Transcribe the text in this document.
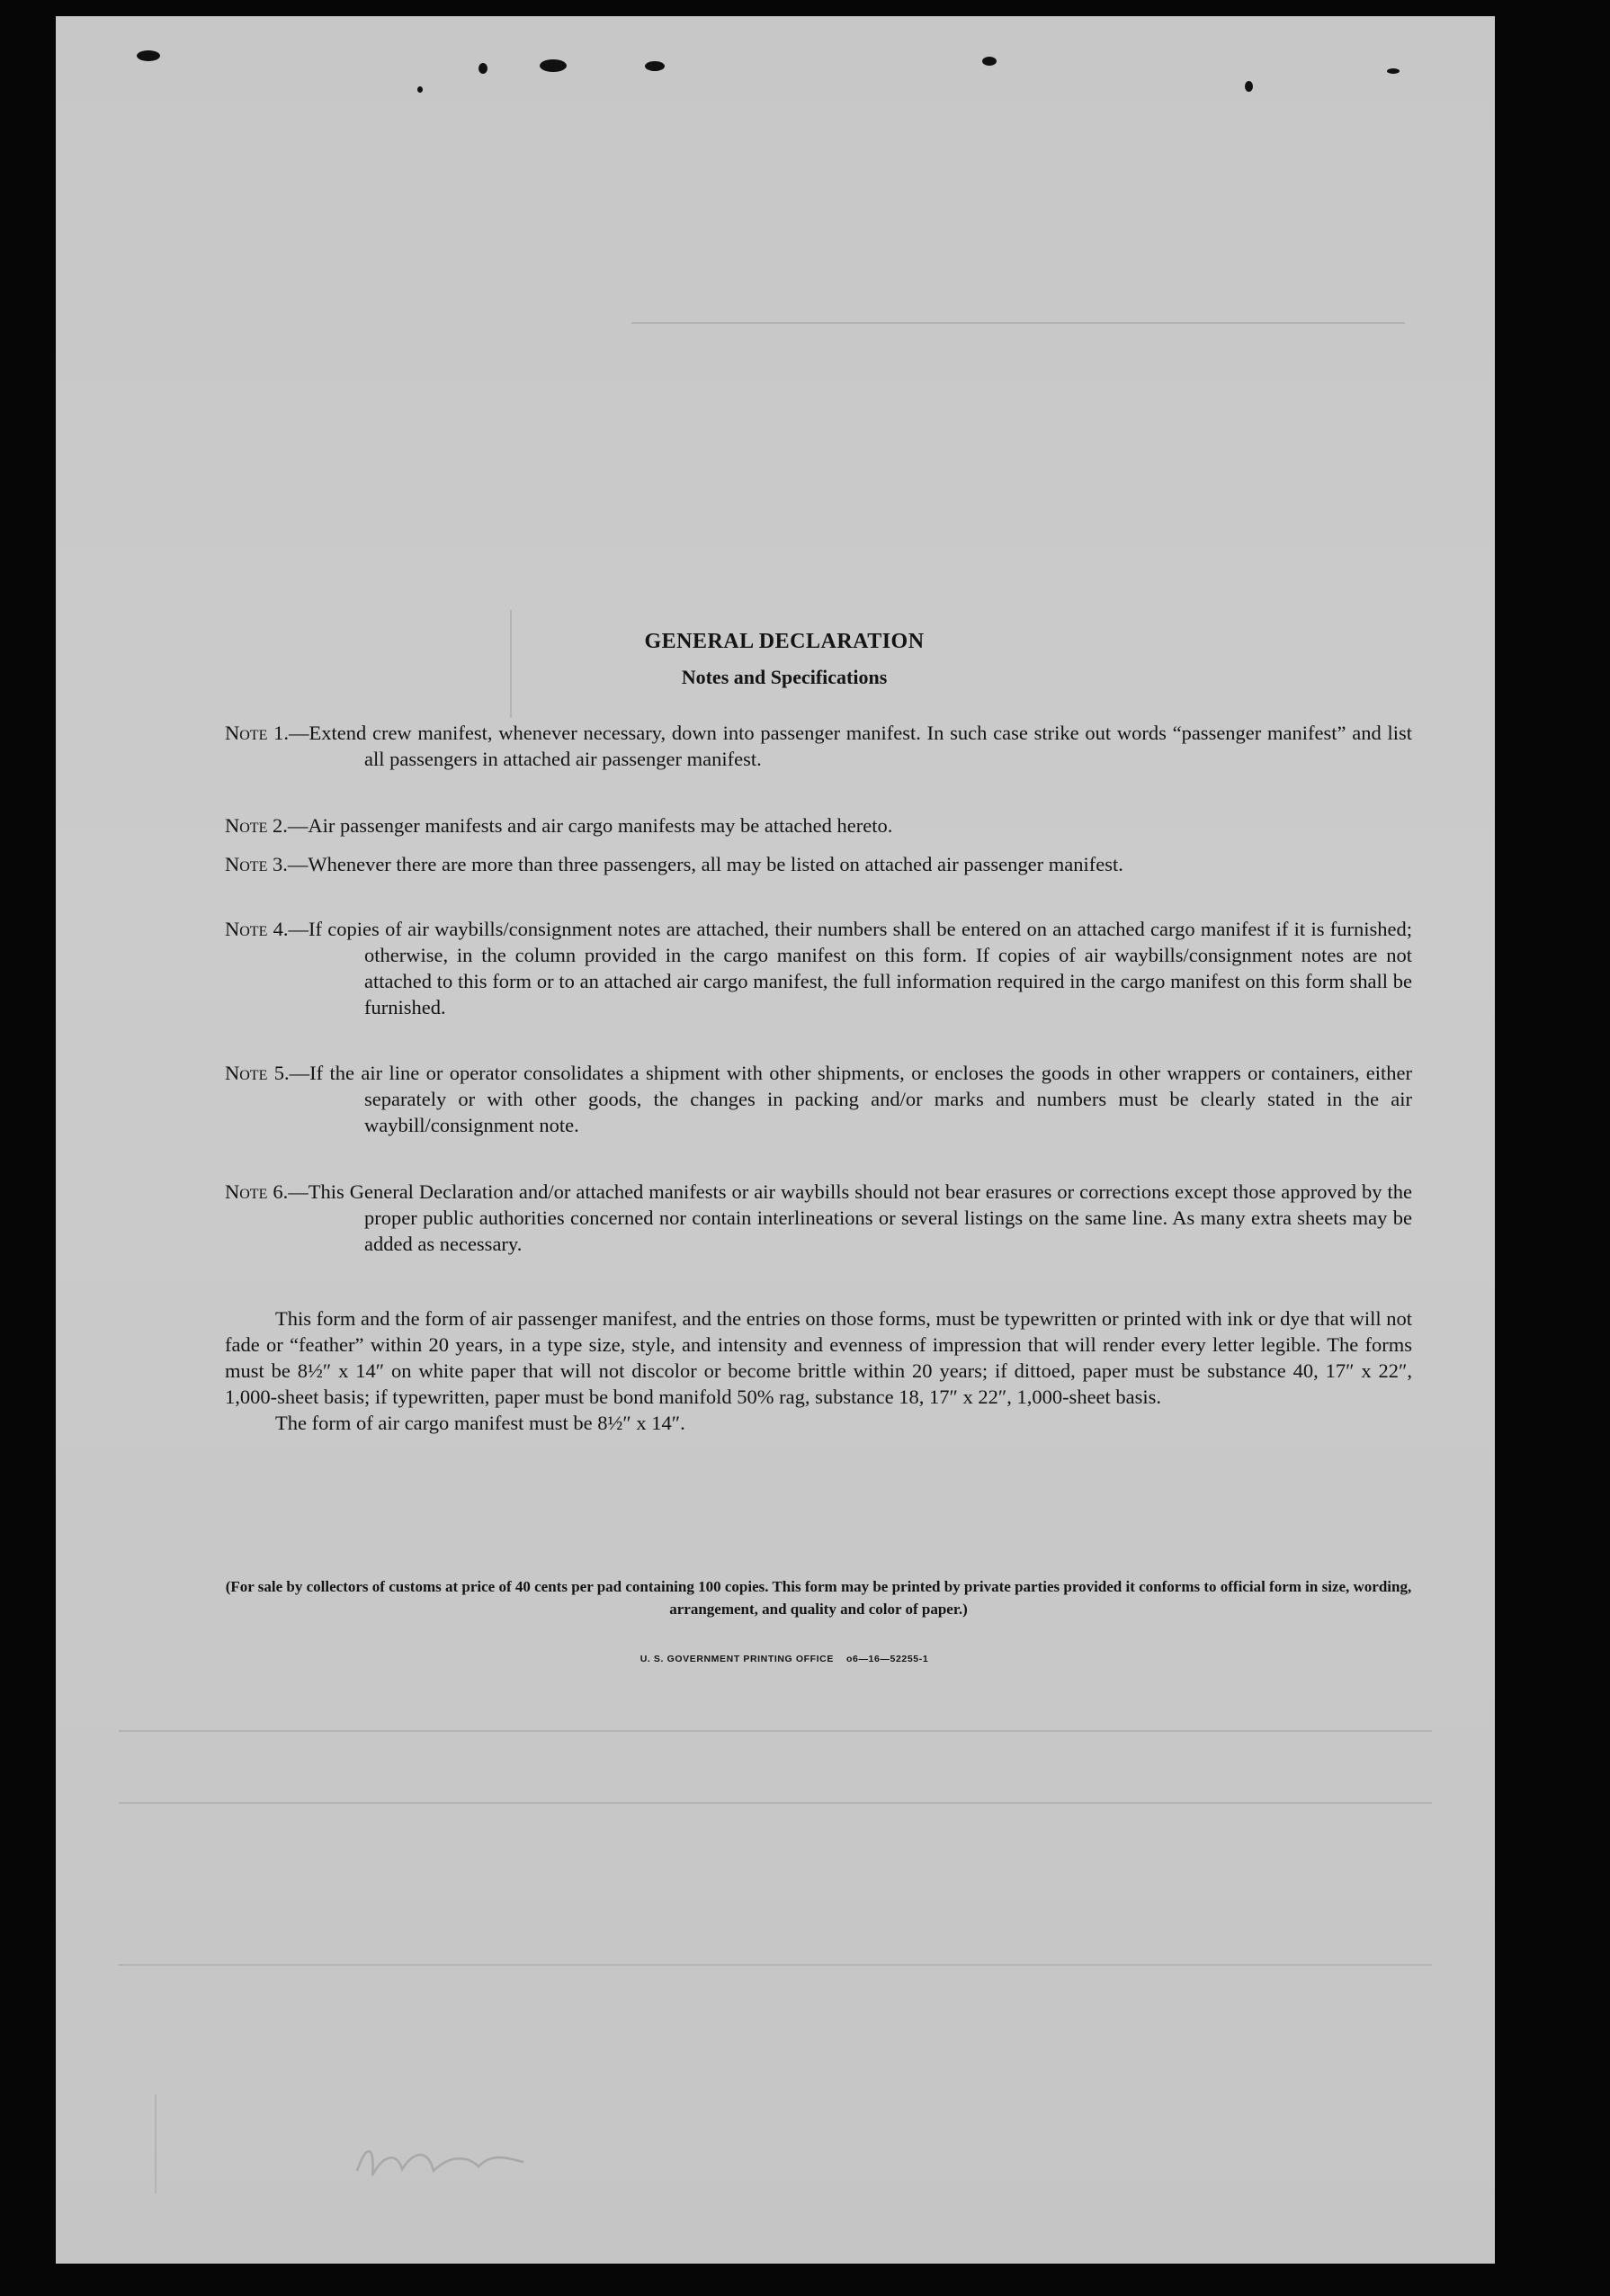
GENERAL DECLARATION
Notes and Specifications
Note 1.—Extend crew manifest, whenever necessary, down into passenger manifest. In such case strike out words “passenger manifest” and list all passengers in attached air passenger manifest.
Note 2.—Air passenger manifests and air cargo manifests may be attached hereto.
Note 3.—Whenever there are more than three passengers, all may be listed on attached air passenger manifest.
Note 4.—If copies of air waybills/consignment notes are attached, their numbers shall be entered on an attached cargo manifest if it is furnished; otherwise, in the column provided in the cargo manifest on this form. If copies of air waybills/consignment notes are not attached to this form or to an attached air cargo manifest, the full information required in the cargo manifest on this form shall be furnished.
Note 5.—If the air line or operator consolidates a shipment with other shipments, or encloses the goods in other wrappers or containers, either separately or with other goods, the changes in packing and/or marks and numbers must be clearly stated in the air waybill/consignment note.
Note 6.—This General Declaration and/or attached manifests or air waybills should not bear erasures or corrections except those approved by the proper public authorities concerned nor contain interlineations or several listings on the same line. As many extra sheets may be added as necessary.

This form and the form of air passenger manifest, and the entries on those forms, must be typewritten or printed with ink or dye that will not fade or “feather” within 20 years, in a type size, style, and intensity and evenness of impression that will render every letter legible. The forms must be 8½″ x 14″ on white paper that will not discolor or become brittle within 20 years; if dittoed, paper must be substance 40, 17″ x 22″, 1,000-sheet basis; if typewritten, paper must be bond manifold 50% rag, substance 18, 17″ x 22″, 1,000-sheet basis.

The form of air cargo manifest must be 8½″ x 14″.

(For sale by collectors of customs at price of 40 cents per pad containing 100 copies. This form may be printed by private parties provided it conforms to official form in size, wording, arrangement, and quality and color of paper.)
U. S. GOVERNMENT PRINTING OFFICE    o6—16—52255-1
